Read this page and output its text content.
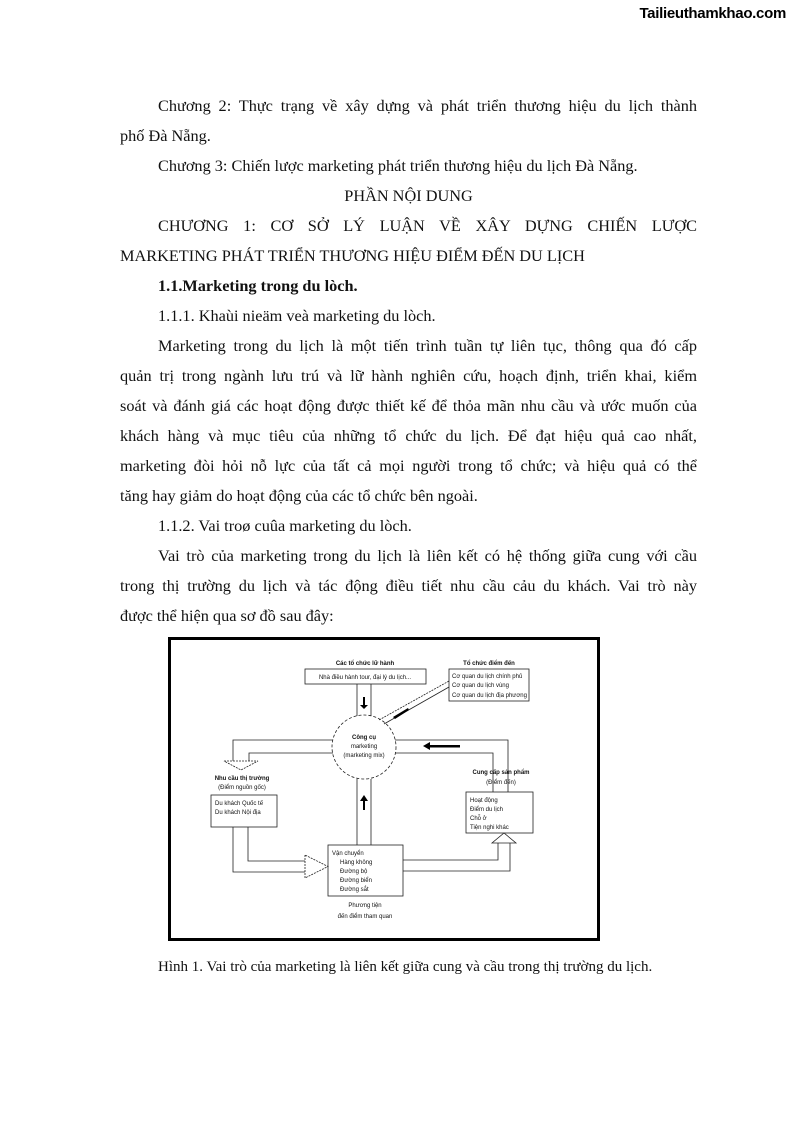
Tailieuthamkhao.com
Chương 2: Thực trạng về xây dựng và phát triển thương hiệu du lịch thành
phố Đà Nẵng.
Chương 3: Chiến lược marketing phát triển thương hiệu du lịch Đà Nẵng.
PHẦN NỘI DUNG
CHƯƠNG 1: CƠ SỞ LÝ LUẬN VỀ XÂY DỰNG CHIẾN LƯỢC
MARKETING PHÁT TRIỂN THƯƠNG HIỆU ĐIỂM ĐẾN DU LỊCH
1.1.Marketing trong du lòch.
1.1.1. Khaùi nieäm veà marketing du lòch.
Marketing trong du lịch là một tiến trình tuần tự liên tục, thông qua đó cấp
quản trị trong ngành lưu trú và lữ hành nghiên cứu, hoạch định, triển khai, kiểm
soát và đánh giá các hoạt động được thiết kế để thỏa mãn nhu cầu và ước muốn của
khách hàng và mục tiêu của những tổ chức du lịch. Để đạt hiệu quả cao nhất,
marketing đòi hỏi nỗ lực của tất cả mọi người trong tổ chức; và hiệu quả có thể
tăng hay giảm do hoạt động của các tổ chức bên ngoài.
1.1.2. Vai troø cuûa marketing du lòch.
Vai trò của marketing trong du lịch là liên kết có hệ thống giữa cung với cầu
trong thị trường du lịch và tác động điều tiết nhu cầu cảu du khách. Vai trò này
được thể hiện qua sơ đồ sau đây:
Các tổ chức lữ hành
Nhà điều hành tour, đại lý du lịch...
Tổ chức điểm đến
Cơ quan du lịch chính phủ
Cơ quan du lịch vùng
Cơ quan du lịch địa phương
Công cụ
marketing
(marketing mix)
Nhu cầu thị trường
(Điểm nguồn gốc)
Du khách Quốc tế
Du khách Nội địa
Cung cấp sản phẩm
(Điểm đến)
Hoạt động
Điểm du lịch
Chỗ ở
Tiện nghi khác
Vận chuyển
Hàng không
Đường bộ
Đường biển
Đường sắt
Phương tiện
đến điểm tham quan
Hình 1. Vai trò của marketing là liên kết giữa cung và cầu trong thị trường du lịch.
